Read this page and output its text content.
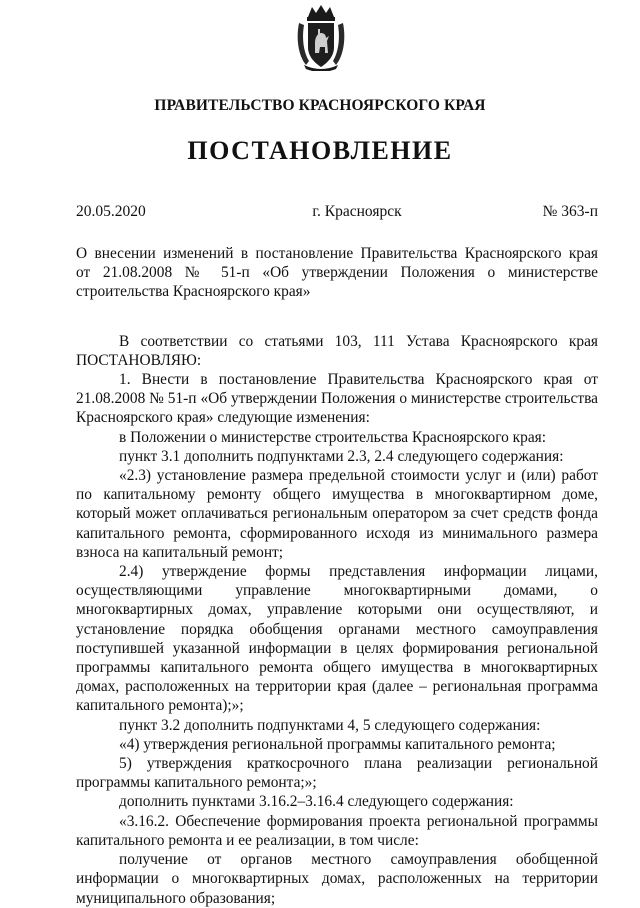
ПРАВИТЕЛЬСТВО КРАСНОЯРСКОГО КРАЯ
ПОСТАНОВЛЕНИЕ
20.05.2020	г. Красноярск	№ 363-п

О внесении изменений в постановление Правительства Красноярского края

от 21.08.2008 № 51-п «Об утверждении Положения о министерстве

строительства Красноярского края»

В соответствии со статьями 103, 111 Устава Красноярского края

ПОСТАНОВЛЯЮ:

1. Внести в постановление Правительства Красноярского края от 21.08.2008 № 51-п «Об утверждении Положения о министерстве строительства Красноярского края» следующие изменения:

в Положении о министерстве строительства Красноярского края:

пункт 3.1 дополнить подпунктами 2.3, 2.4 следующего содержания:

«2.3) установление размера предельной стоимости услуг и (или) работ по капитальному ремонту общего имущества в многоквартирном доме, который может оплачиваться региональным оператором за счет средств фонда капитального ремонта, сформированного исходя из минимального размера взноса на капитальный ремонт;

2.4) утверждение формы представления информации лицами, осуществляющими управление многоквартирными домами, о многоквартирных домах, управление которыми они осуществляют, и установление порядка обобщения органами местного самоуправления поступившей указанной информации в целях формирования региональной программы капитального ремонта общего имущества в многоквартирных домах, расположенных на территории края (далее – региональная программа капитального ремонта);»;

пункт 3.2 дополнить подпунктами 4, 5 следующего содержания:

«4) утверждения региональной программы капитального ремонта;

5) утверждения краткосрочного плана реализации региональной программы капитального ремонта;»;

дополнить пунктами 3.16.2–3.16.4 следующего содержания:

«3.16.2. Обеспечение формирования проекта региональной программы капитального ремонта и ее реализации, в том числе:

получение от органов местного самоуправления обобщенной информации о многоквартирных домах, расположенных на территории муниципального образования;
